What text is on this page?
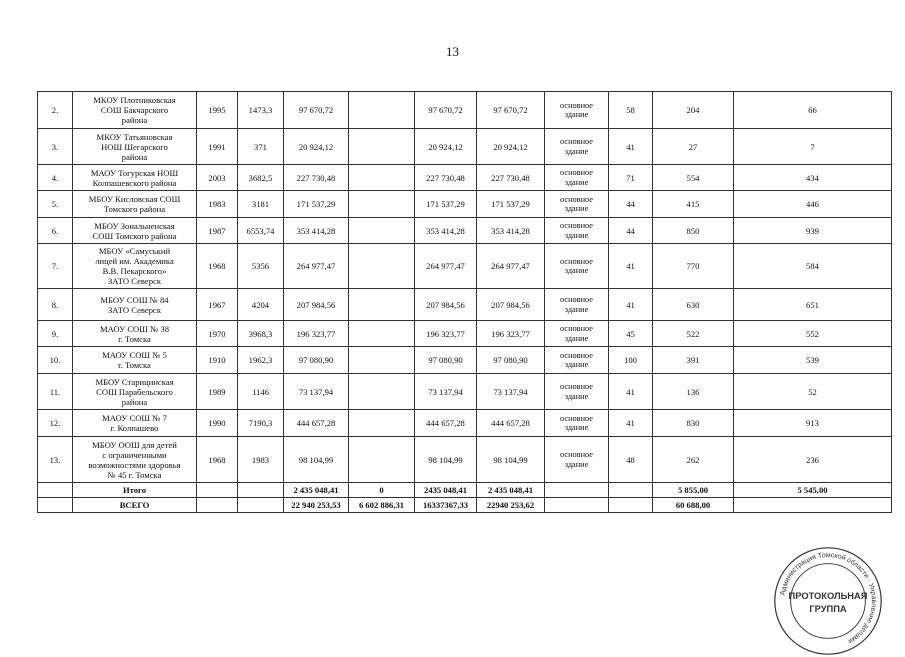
13
2.	МКОУ Плотниковская
СОШ Бакчарского
района	1995	1473,3	97 670,72		97 670,72	97 670,72	основное
здание	58	204	66
3.	МКОУ Татьяновская
НОШ Шегарского
района	1991	371	20 924,12		20 924,12	20 924,12	основное
здание	41	27	7
4.	МАОУ Тогурская НОШ
Колпашевского района	2003	3682,5	227 730,48		227 730,48	227 730,48	основное
здание	71	554	434
5.	МБОУ Кисловская СОШ
Томского района	1983	3181	171 537,29		171 537,29	171 537,29	основное
здание	44	415	446
6.	МБОУ Зональненская
СОШ Томского района	1987	6553,74	353 414,28		353 414,28	353 414,28	основное
здание	44	850	939
7.	МБОУ «Самуський
лицей им. Академика
В.В. Пекарского»
ЗАТО Северск	1968	5356	264 977,47		264 977,47	264 977,47	основное
здание	41	770	584
8.	МБОУ СОШ № 84
ЗАТО Северск	1967	4204	207 984,56		207 984,56	207 984,56	основное
здание	41	630	651
9.	МАОУ СОШ № 38
г. Томска	1970	3968,3	196 323,77		196 323,77	196 323,77	основное
здание	45	522	552
10.	МАОУ СОШ № 5
г. Томска	1910	1962,3	97 080,90		97 080,90	97 080,90	основное
здание	100	391	539
11.	МБОУ Старицинская
СОШ Парабельского
района	1989	1146	73 137,94		73 137,94	73 137,94	основное
здание	41	136	52
12.	МАОУ СОШ № 7
г. Колпашево	1990	7190,3	444 657,28		444 657,28	444 657,28	основное
здание	41	830	913
13.	МБОУ ООШ для детей
с ограниченными
возможностями здоровья
№ 45 г. Томска	1968	1983	98 104,99		98 104,99	98 104,99	основное
здание	48	262	236
	Итого			2 435 048,41	0	2435 048,41	2 435 048,41			5 855,00	5 545,00
	ВСЕГО			22 940 253,53	6 602 886,31	16337367,33	22940 253,62			60 688,00	
Администрация Томской области · Управление делами
ПРОТОКОЛЬНАЯ
ГРУППА
